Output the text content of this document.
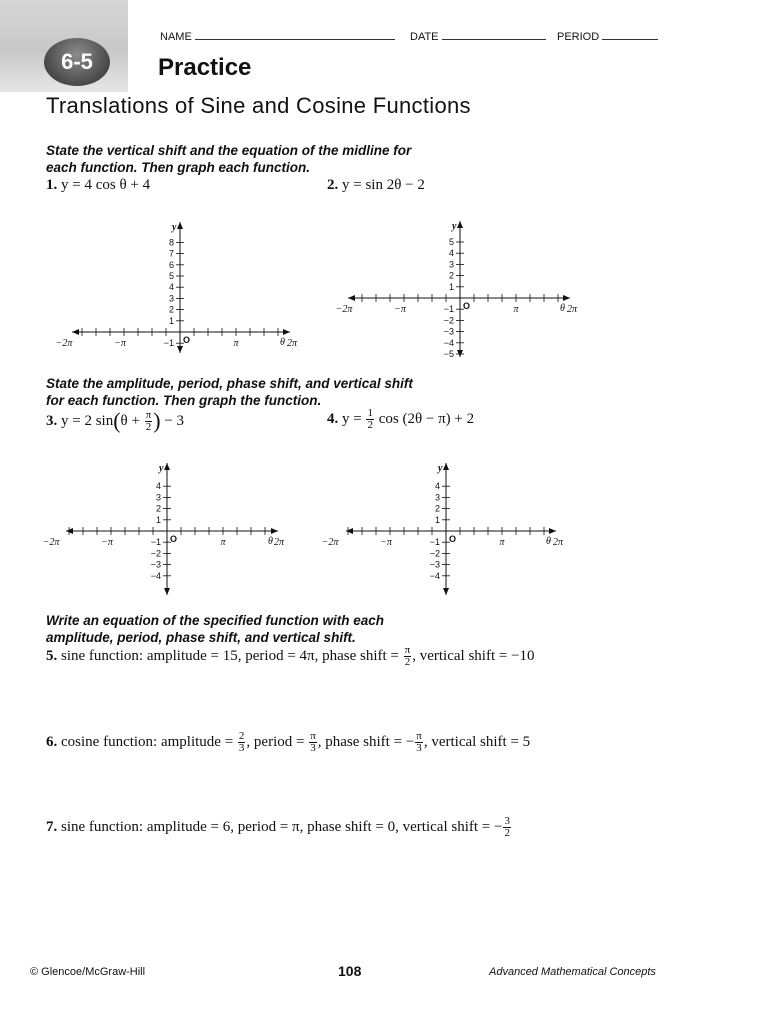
6-5
NAME	DATE	PERIOD
Practice
Translations of Sine and Cosine Functions
State the vertical shift and the equation of the midline for
each function. Then graph each function.
1. y = 4 cos θ + 4	2. y = sin 2θ − 2
State the amplitude, period, phase shift, and vertical shift
for each function. Then graph the function.
3. y = 2 $\sin(\theta + \frac{\pi}{2}$ ) − 3	4. $y = \frac{1}{2}$ cos (2θ − π) + 2
Write an equation of the specified function with each
amplitude, period, phase shift, and vertical shift.
5. sine function: amplitude = 15, period = 4π, phase shift = $\frac{\pi}{2}$ , vertical shift = −10
6. cosine function: amplitude = $\frac{2}{3}$ , period = $\frac{\pi}{3}$ , phase shift = − $\frac{\pi}{3}$ , vertical shift = 5
7. sine function: amplitude = 6, period = π, phase shift = 0, vertical shift = − $\frac{3}{2}$
8
7
6
5
4
3
2
1
−1
−2π	−π	π	2π
O
y
θ
5
4
3
2
1
−1
−2
−3
−4
−5
−2π	−π	π	2π
O
y
θ
4
3
2
1
−1
−2
−3
−4
−2π	−π	π	2π
O
y
θ
4
3
2
1
−1
−2
−3
−4
−2π	−π	π	2π
O
y
θ
© Glencoe/McGraw-Hill	108	Advanced Mathematical Concepts
